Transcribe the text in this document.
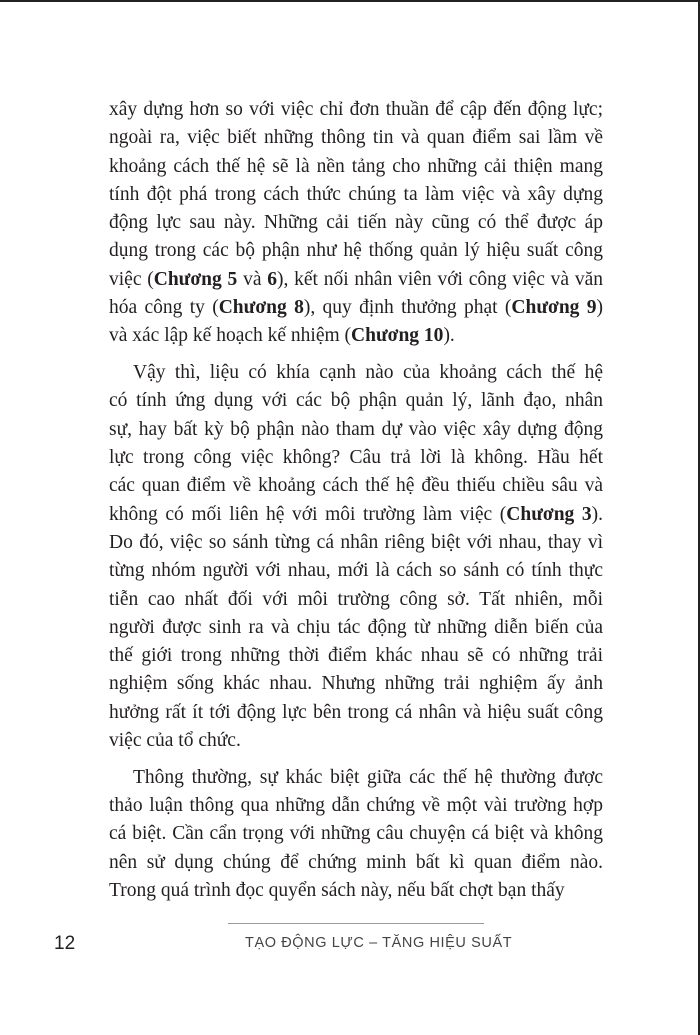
xây dựng hơn so với việc chỉ đơn thuần để cập đến động lực;
ngoài ra, việc biết những thông tin và quan điểm sai lầm về
khoảng cách thế hệ sẽ là nền tảng cho những cải thiện mang
tính đột phá trong cách thức chúng ta làm việc và xây dựng
động lực sau này. Những cải tiến này cũng có thể được áp
dụng trong các bộ phận như hệ thống quản lý hiệu suất công
việc (Chương 5 và 6), kết nối nhân viên với công việc và văn
hóa công ty (Chương 8), quy định thưởng phạt (Chương 9)
và xác lập kế hoạch kế nhiệm (Chương 10).
Vậy thì, liệu có khía cạnh nào của khoảng cách thế hệ
có tính ứng dụng với các bộ phận quản lý, lãnh đạo, nhân
sự, hay bất kỳ bộ phận nào tham dự vào việc xây dựng động
lực trong công việc không? Câu trả lời là không. Hầu hết
các quan điểm về khoảng cách thế hệ đều thiếu chiều sâu và
không có mối liên hệ với môi trường làm việc (Chương 3).
Do đó, việc so sánh từng cá nhân riêng biệt với nhau, thay vì
từng nhóm người với nhau, mới là cách so sánh có tính thực
tiễn cao nhất đối với môi trường công sở. Tất nhiên, mỗi
người được sinh ra và chịu tác động từ những diễn biến của
thế giới trong những thời điểm khác nhau sẽ có những trải
nghiệm sống khác nhau. Nhưng những trải nghiệm ấy ảnh
hưởng rất ít tới động lực bên trong cá nhân và hiệu suất công
việc của tổ chức.
Thông thường, sự khác biệt giữa các thế hệ thường được
thảo luận thông qua những dẫn chứng về một vài trường hợp
cá biệt. Cần cẩn trọng với những câu chuyện cá biệt và không
nên sử dụng chúng để chứng minh bất kì quan điểm nào.
Trong quá trình đọc quyển sách này, nếu bất chợt bạn thấy
12	TẠO ĐỘNG LỰC – TĂNG HIỆU SUẤT
